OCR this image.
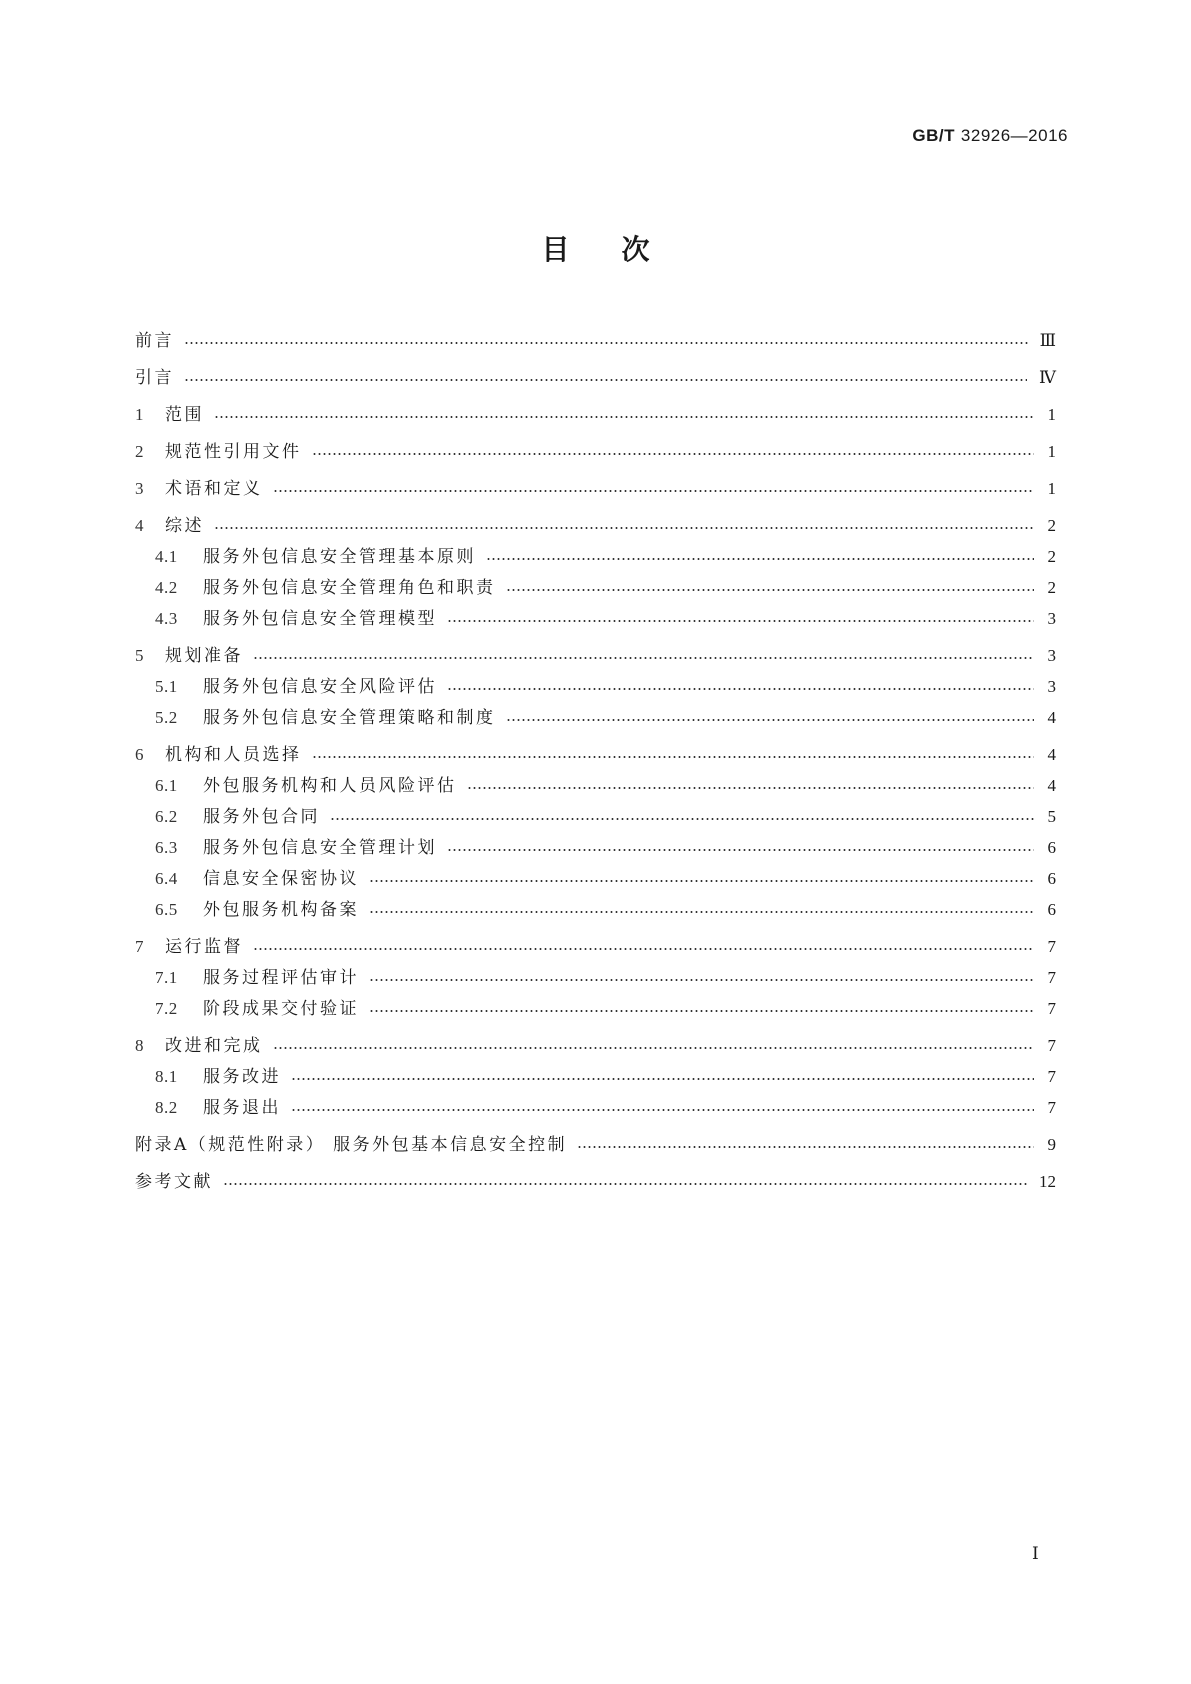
GB/T 32926—2016
目次
前言	Ⅲ
引言	Ⅳ
1	范围	1
2	规范性引用文件	1
3	术语和定义	1
4	综述	2
4.1	服务外包信息安全管理基本原则	2
4.2	服务外包信息安全管理角色和职责	2
4.3	服务外包信息安全管理模型	3
5	规划准备	3
5.1	服务外包信息安全风险评估	3
5.2	服务外包信息安全管理策略和制度	4
6	机构和人员选择	4
6.1	外包服务机构和人员风险评估	4
6.2	服务外包合同	5
6.3	服务外包信息安全管理计划	6
6.4	信息安全保密协议	6
6.5	外包服务机构备案	6
7	运行监督	7
7.1	服务过程评估审计	7
7.2	阶段成果交付验证	7
8	改进和完成	7
8.1	服务改进	7
8.2	服务退出	7
附录A（规范性附录） 服务外包基本信息安全控制	9
参考文献	12
Ⅰ
